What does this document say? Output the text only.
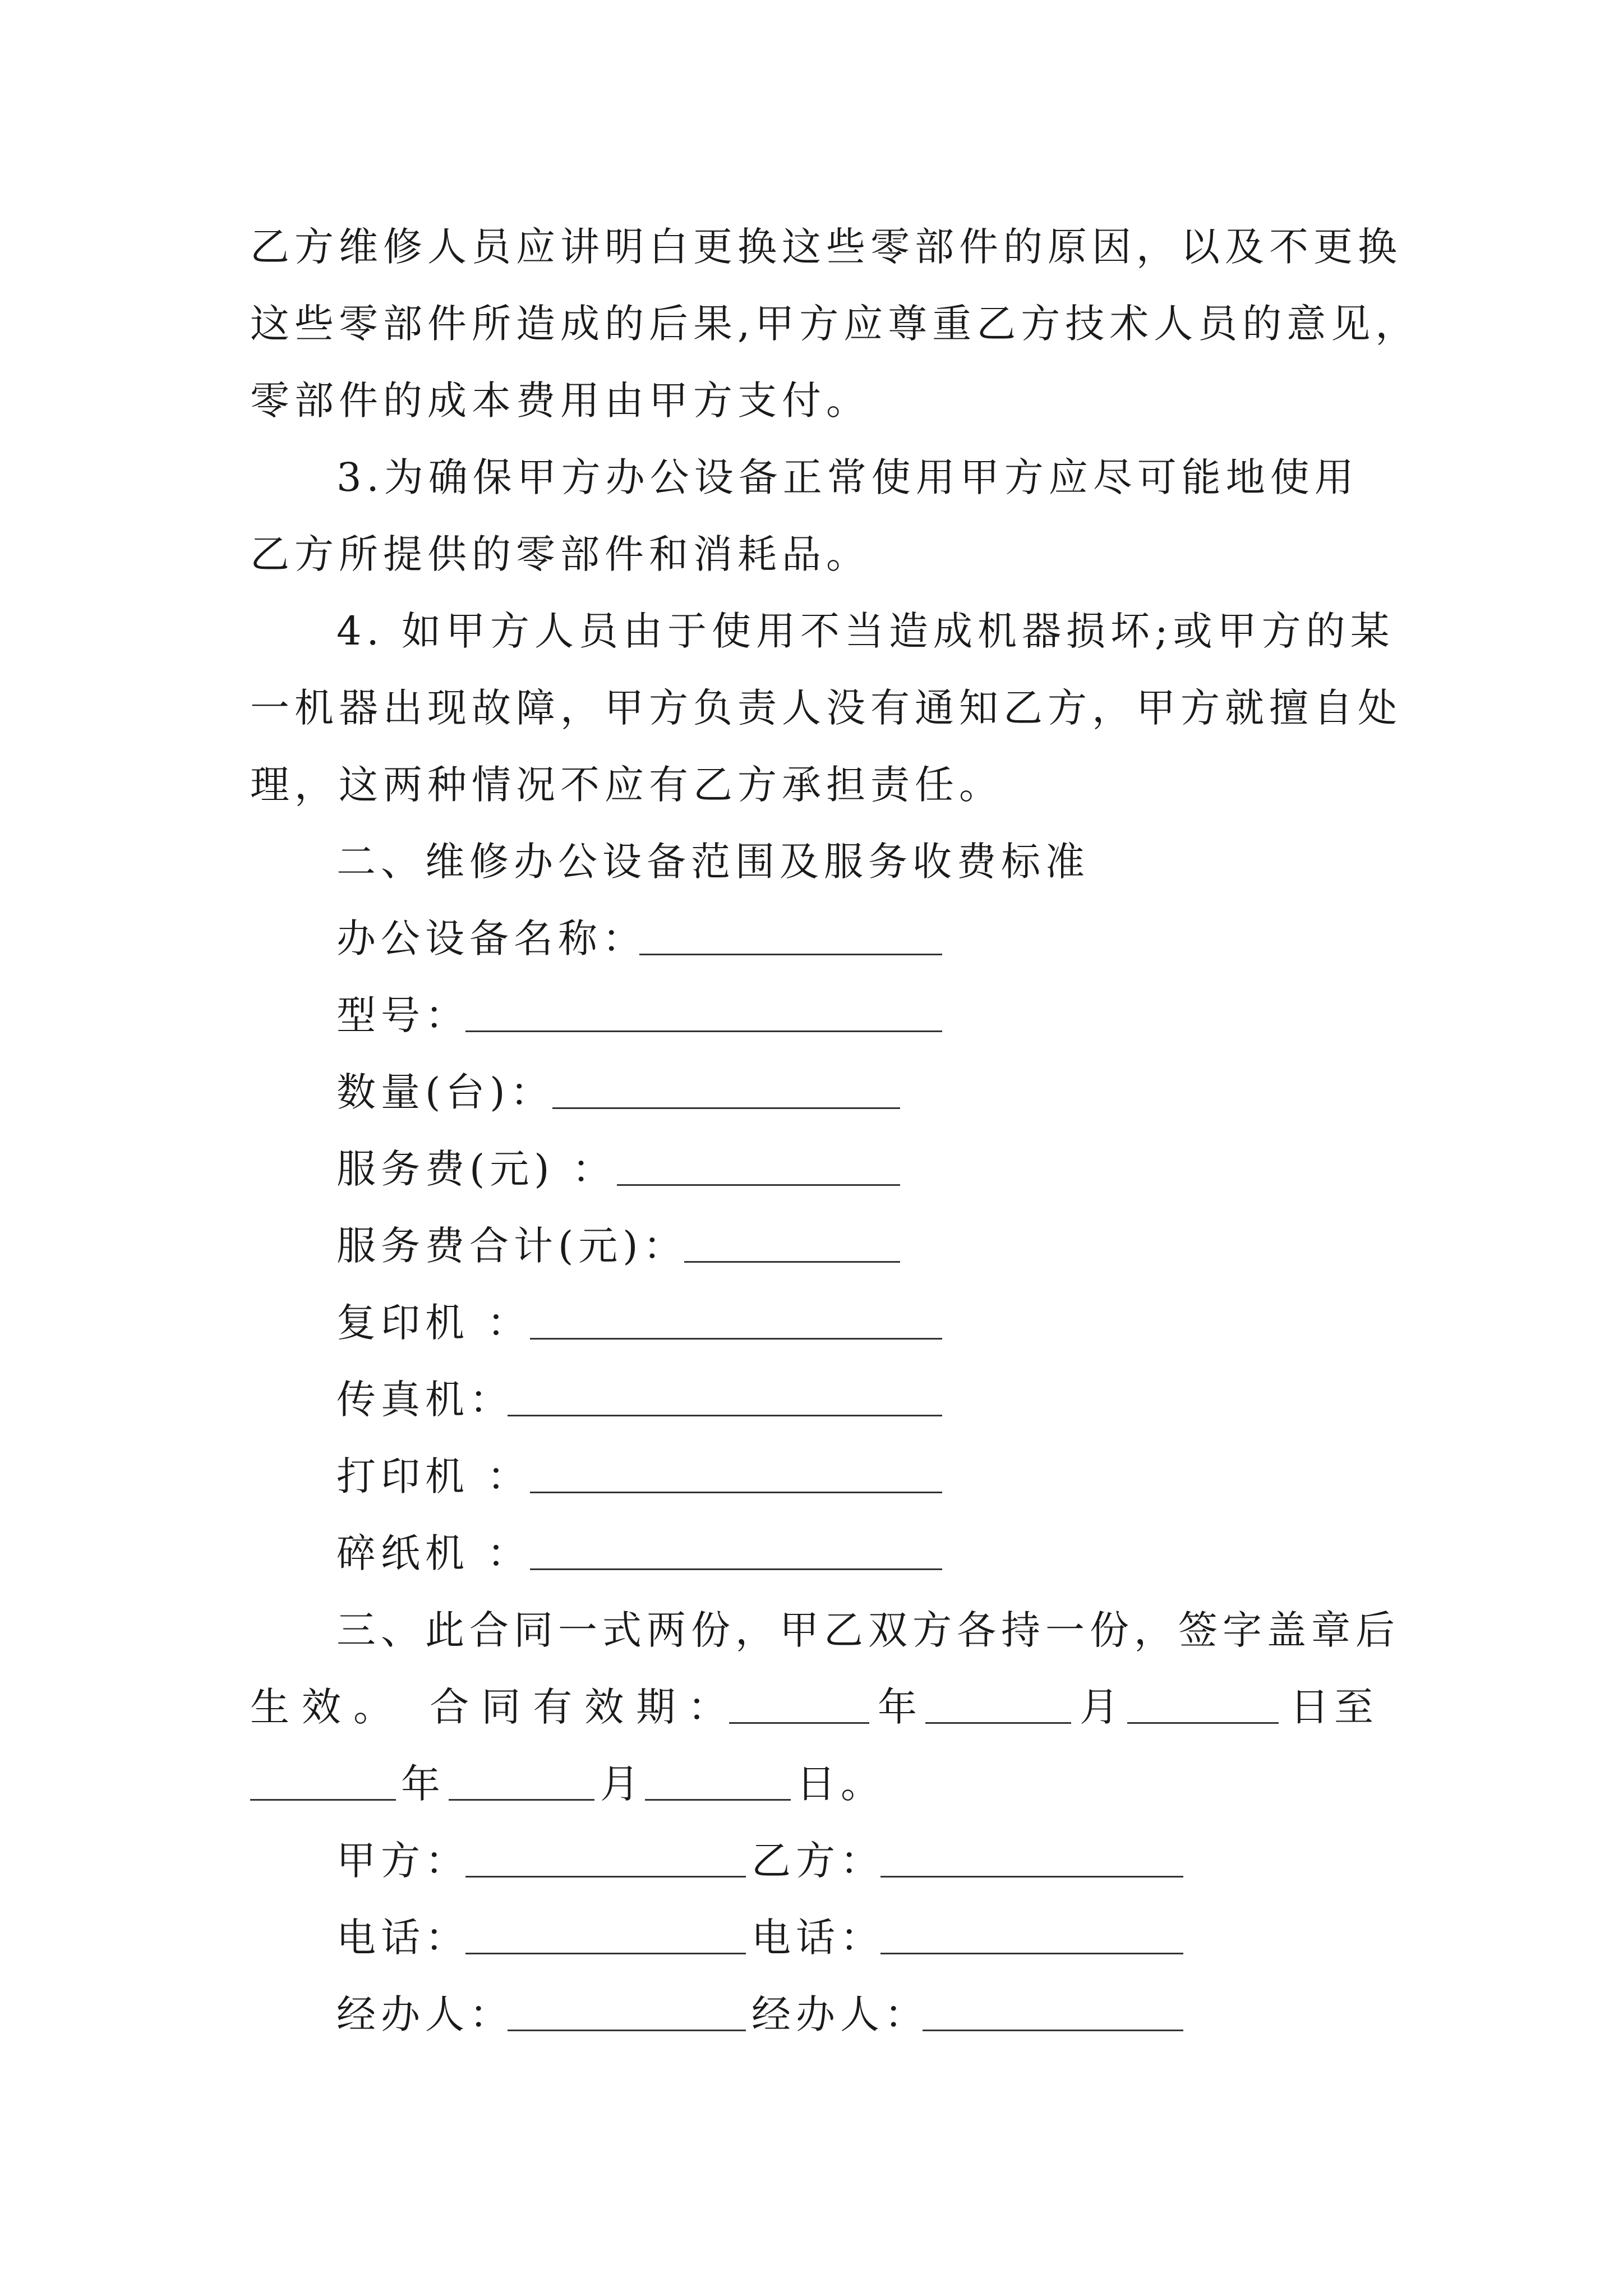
乙方维修人员应讲明白更换这些零部件的原因，以及不更换
这些零部件所造成的后果,甲方应尊重乙方技术人员的意见，
零部件的成本费用由甲方支付。
3.为确保甲方办公设备正常使用甲方应尽可能地使用
乙方所提供的零部件和消耗品。
4. 如甲方人员由于使用不当造成机器损坏;或甲方的某
一机器出现故障，甲方负责人没有通知乙方，甲方就擅自处
理，这两种情况不应有乙方承担责任。
二、维修办公设备范围及服务收费标准
办公设备名称：
型号：
数量(台)：
服务费(元) ：
服务费合计(元)：
复印机 ：
传真机：
打印机 ：
碎纸机 ：
三、此合同一式两份，甲乙双方各持一份，签字盖章后
生效。 合同有效期：	年	月	日至
年	月	日。
甲方：	乙方：
电话：	电话：
经办人：	经办人：
